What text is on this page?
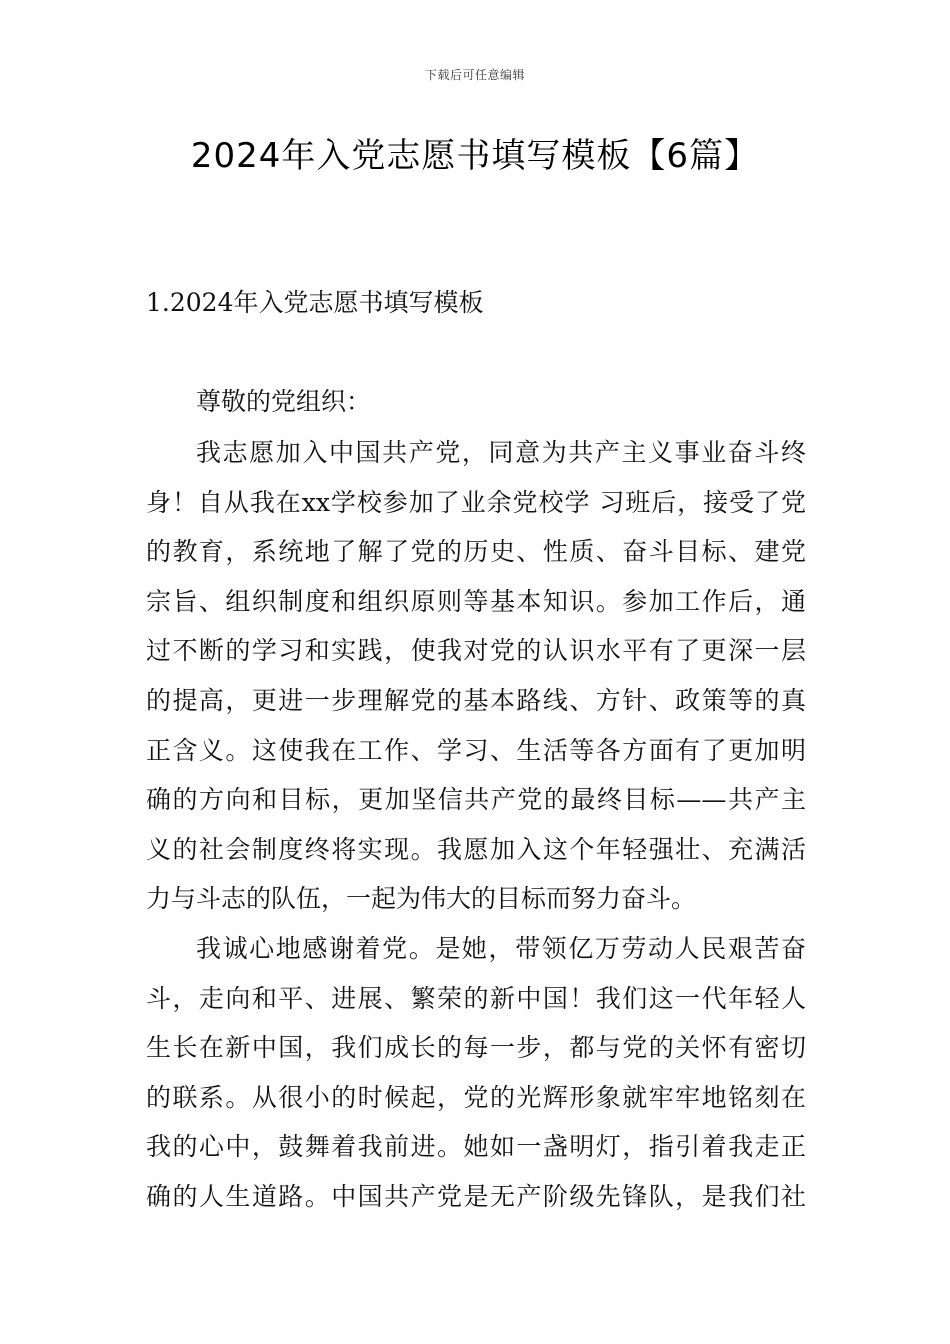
下载后可任意编辑
2024年入党志愿书填写模板【6篇】
1.2024年入党志愿书填写模板
尊敬的党组织：
我志愿加入中国共产党，同意为共产主义事业奋斗终
身！自从我在xx学校参加了业余党校学 习班后，接受了党
的教育，系统地了解了党的历史、性质、奋斗目标、建党
宗旨、组织制度和组织原则等基本知识。参加工作后，通
过不断的学习和实践，使我对党的认识水平有了更深一层
的提高，更进一步理解党的基本路线、方针、政策等的真
正含义。这使我在工作、学习、生活等各方面有了更加明
确的方向和目标，更加坚信共产党的最终目标——共产主
义的社会制度终将实现。我愿加入这个年轻强壮、充满活
力与斗志的队伍，一起为伟大的目标而努力奋斗。
我诚心地感谢着党。是她，带领亿万劳动人民艰苦奋
斗，走向和平、进展、繁荣的新中国！我们这一代年轻人
生长在新中国，我们成长的每一步，都与党的关怀有密切
的联系。从很小的时候起，党的光辉形象就牢牢地铭刻在
我的心中，鼓舞着我前进。她如一盏明灯，指引着我走正
确的人生道路。中国共产党是无产阶级先锋队，是我们社
